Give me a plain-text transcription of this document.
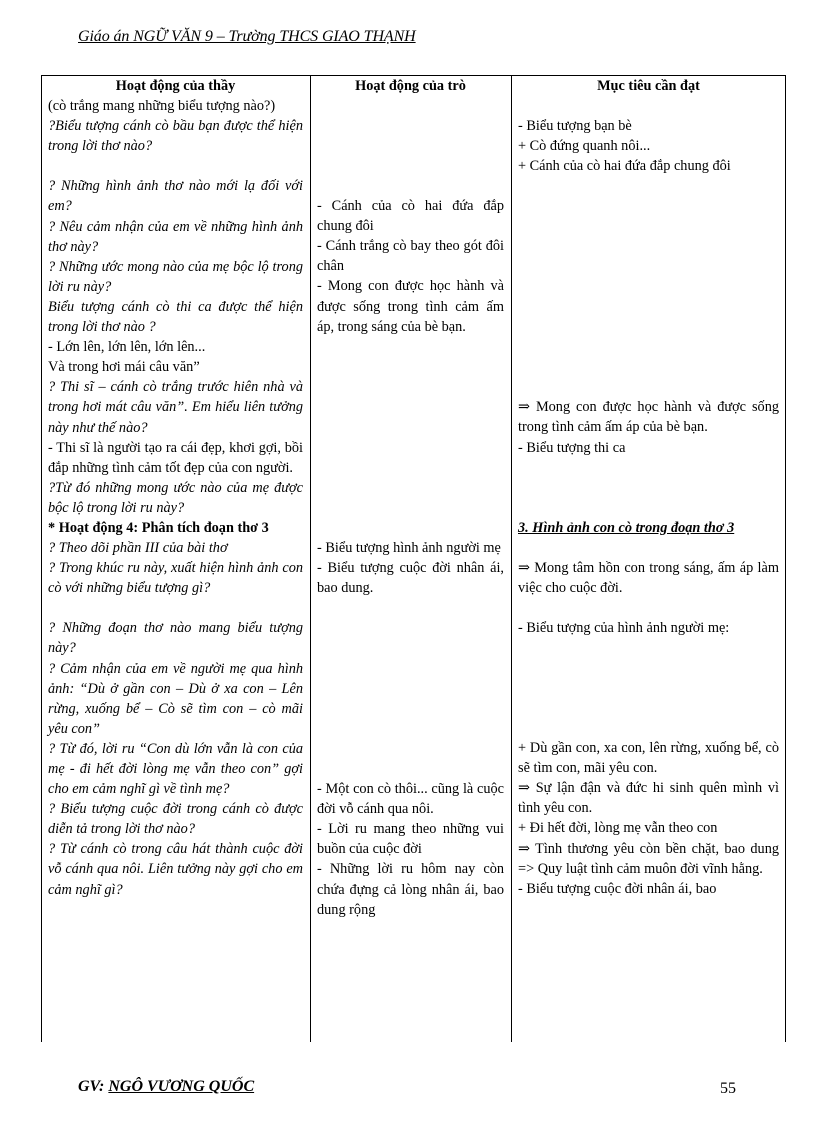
Giáo án NGỮ VĂN 9 – Trường THCS GIAO THẠNH
Hoạt động của thầy
(cò trắng mang những biểu tượng nào?)
?Biểu tượng cánh cò bầu bạn được thể hiện trong lời thơ nào?
? Những hình ảnh thơ nào mới lạ đối với em?
? Nêu cảm nhận của em về những hình ảnh thơ này?
? Những ước mong nào của mẹ bộc lộ trong lời ru này?
Biểu tượng cánh cò thi ca được thể hiện trong lời thơ nào ?
- Lớn lên, lớn lên, lớn lên...
Và trong hơi mái câu văn”
? Thi sĩ – cánh cò trắng trước hiên nhà và trong hơi mát câu văn”. Em hiểu liên tưởng này như thế nào?
- Thi sĩ là người tạo ra cái đẹp, khơi gợi, bồi đắp những tình cảm tốt đẹp của con người.
?Từ đó những mong ước nào của mẹ được bộc lộ trong lời ru này?
* Hoạt động 4: Phân tích đoạn thơ 3
? Theo dõi phần III của bài thơ
? Trong khúc ru này, xuất hiện hình ảnh con cò với những biểu tượng gì?
? Những đoạn thơ nào mang biểu tượng này?
? Cảm nhận của em về người mẹ qua hình ảnh: “Dù ở gần con – Dù ở xa con – Lên rừng, xuống bể – Cò sẽ tìm con – cò mãi yêu con”
? Từ đó, lời ru “Con dù lớn vẫn là con của mẹ - đi hết đời lòng mẹ vẫn theo con” gợi cho em cảm nghĩ gì về tình mẹ?
? Biểu tượng cuộc đời trong cánh cò được diễn tả trong lời thơ nào?
? Từ cánh cò trong câu hát thành cuộc đời vỗ cánh qua nôi. Liên tưởng này gợi cho em cảm nghĩ gì?
Hoạt động của trò
- Cánh của cò hai đứa đắp chung đôi
- Cánh trắng cò bay theo gót đôi chân
- Mong con được học hành và được sống trong tình cảm ấm áp, trong sáng của bè bạn.
- Biểu tượng hình ảnh người mẹ
- Biểu tượng cuộc đời nhân ái, bao dung.
- Một con cò thôi... cũng là cuộc đời vỗ cánh qua nôi.
- Lời ru mang theo những vui buồn của cuộc đời
- Những lời ru hôm nay còn chứa đựng cả lòng nhân ái, bao dung rộng
Mục tiêu cần đạt
- Biểu tượng bạn bè
+ Cò đứng quanh nôi...
+ Cánh của cò hai đứa đắp chung đôi
⇒ Mong con được học hành và được sống trong tình cảm ấm áp của bè bạn.
- Biểu tượng thi ca
3. Hình ảnh con cò trong đoạn thơ 3
⇒ Mong tâm hồn con trong sáng, ấm áp làm việc cho cuộc đời.
- Biểu tượng của hình ảnh người mẹ:
+ Dù gần con, xa con, lên rừng, xuống bể, cò sẽ tìm con, mãi yêu con.
⇒ Sự lận đận và đức hi sinh quên mình vì tình yêu con.
+ Đi hết đời, lòng mẹ vẫn theo con
⇒ Tình thương yêu còn bền chặt, bao dung => Quy luật tình cảm muôn đời vĩnh hằng.
- Biểu tượng cuộc đời nhân ái, bao
GV: NGÔ VƯƠNG QUỐC	55
